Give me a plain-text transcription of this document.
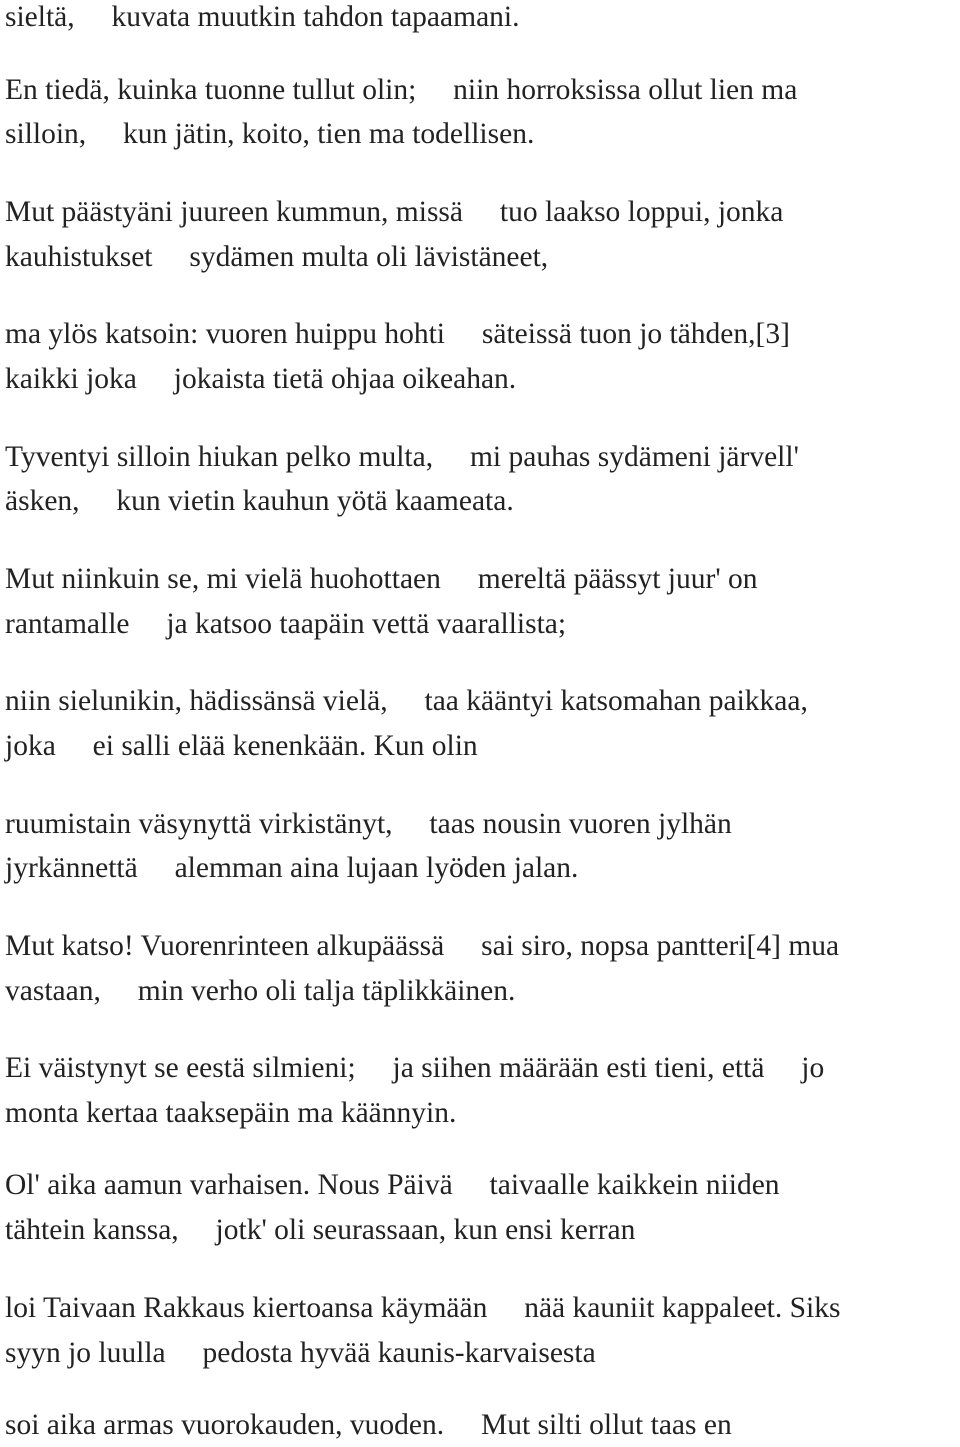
sieltä,     kuvata muutkin tahdon tapaamani.

En tiedä, kuinka tuonne tullut olin;     niin horroksissa ollut lien ma

silloin,     kun jätin, koito, tien ma todellisen.

Mut päästyäni juureen kummun, missä     tuo laakso loppui, jonka

kauhistukset     sydämen multa oli lävistäneet,

ma ylös katsoin: vuoren huippu hohti     säteissä tuon jo tähden,[3]

kaikki joka     jokaista tietä ohjaa oikeahan.

Tyventyi silloin hiukan pelko multa,     mi pauhas sydämeni järvell'

äsken,     kun vietin kauhun yötä kaameata.

Mut niinkuin se, mi vielä huohottaen     mereltä päässyt juur' on

rantamalle     ja katsoo taapäin vettä vaarallista;

niin sielunikin, hädissänsä vielä,     taa kääntyi katsomahan paikkaa,

joka     ei salli elää kenenkään. Kun olin

ruumistain väsynyttä virkistänyt,     taas nousin vuoren jylhän

jyrkännettä     alemman aina lujaan lyöden jalan.

Mut katso! Vuorenrinteen alkupäässä     sai siro, nopsa pantteri[4] mua

vastaan,     min verho oli talja täplikkäinen.

Ei väistynyt se eestä silmieni;     ja siihen määrään esti tieni, että     jo

monta kertaa taaksepäin ma käännyin.

Ol' aika aamun varhaisen. Nous Päivä     taivaalle kaikkein niiden

tähtein kanssa,     jotk' oli seurassaan, kun ensi kerran

loi Taivaan Rakkaus kiertoansa käymään     nää kauniit kappaleet. Siks

syyn jo luulla     pedosta hyvää kaunis-karvaisesta

soi aika armas vuorokauden, vuoden.     Mut silti ollut taas en
